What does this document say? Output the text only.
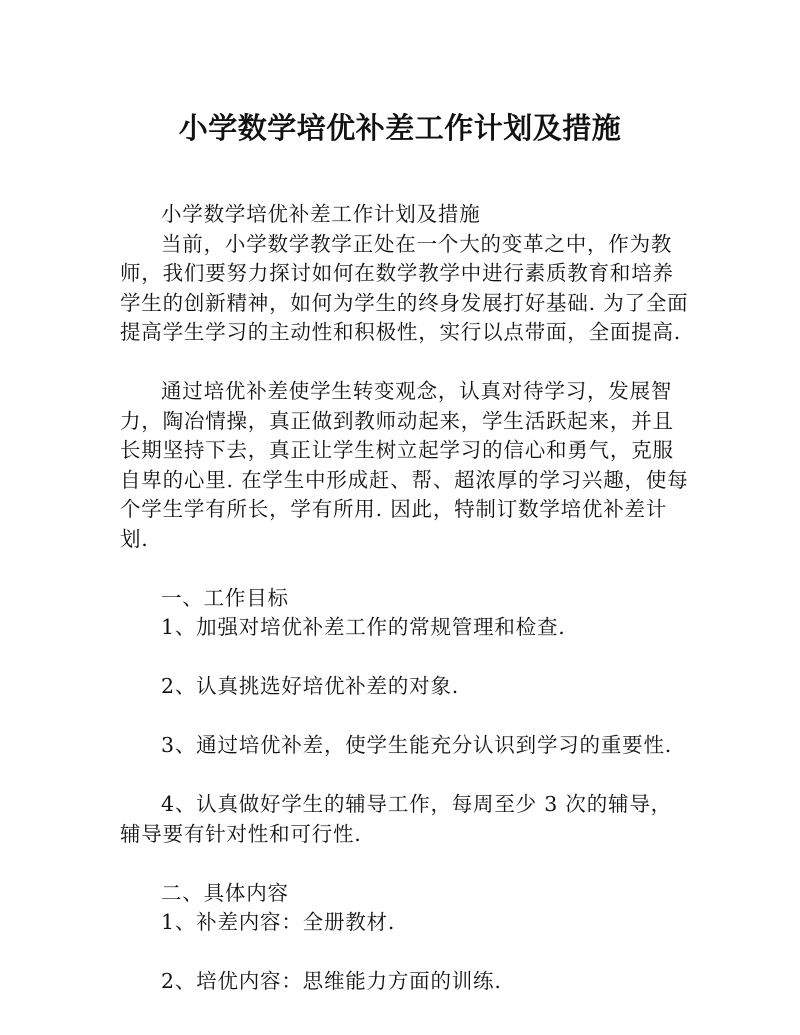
小学数学培优补差工作计划及措施

小学数学培优补差工作计划及措施

当前，小学数学教学正处在一个大的变革之中，作为教师，我们要努力探讨如何在数学教学中进行素质教育和培养学生的创新精神，如何为学生的终身发展打好基础. 为了全面提高学生学习的主动性和积极性，实行以点带面，全面提高.

通过培优补差使学生转变观念，认真对待学习，发展智力，陶冶情操，真正做到教师动起来，学生活跃起来，并且长期坚持下去，真正让学生树立起学习的信心和勇气，克服自卑的心里. 在学生中形成赶、帮、超浓厚的学习兴趣，使每个学生学有所长，学有所用. 因此，特制订数学培优补差计划.

一、工作目标

1、加强对培优补差工作的常规管理和检查.

2、认真挑选好培优补差的对象.

3、通过培优补差，使学生能充分认识到学习的重要性.

4、认真做好学生的辅导工作，每周至少 3 次的辅导，辅导要有针对性和可行性.

二、具体内容

1、补差内容：全册教材.

2、培优内容：思维能力方面的训练.
